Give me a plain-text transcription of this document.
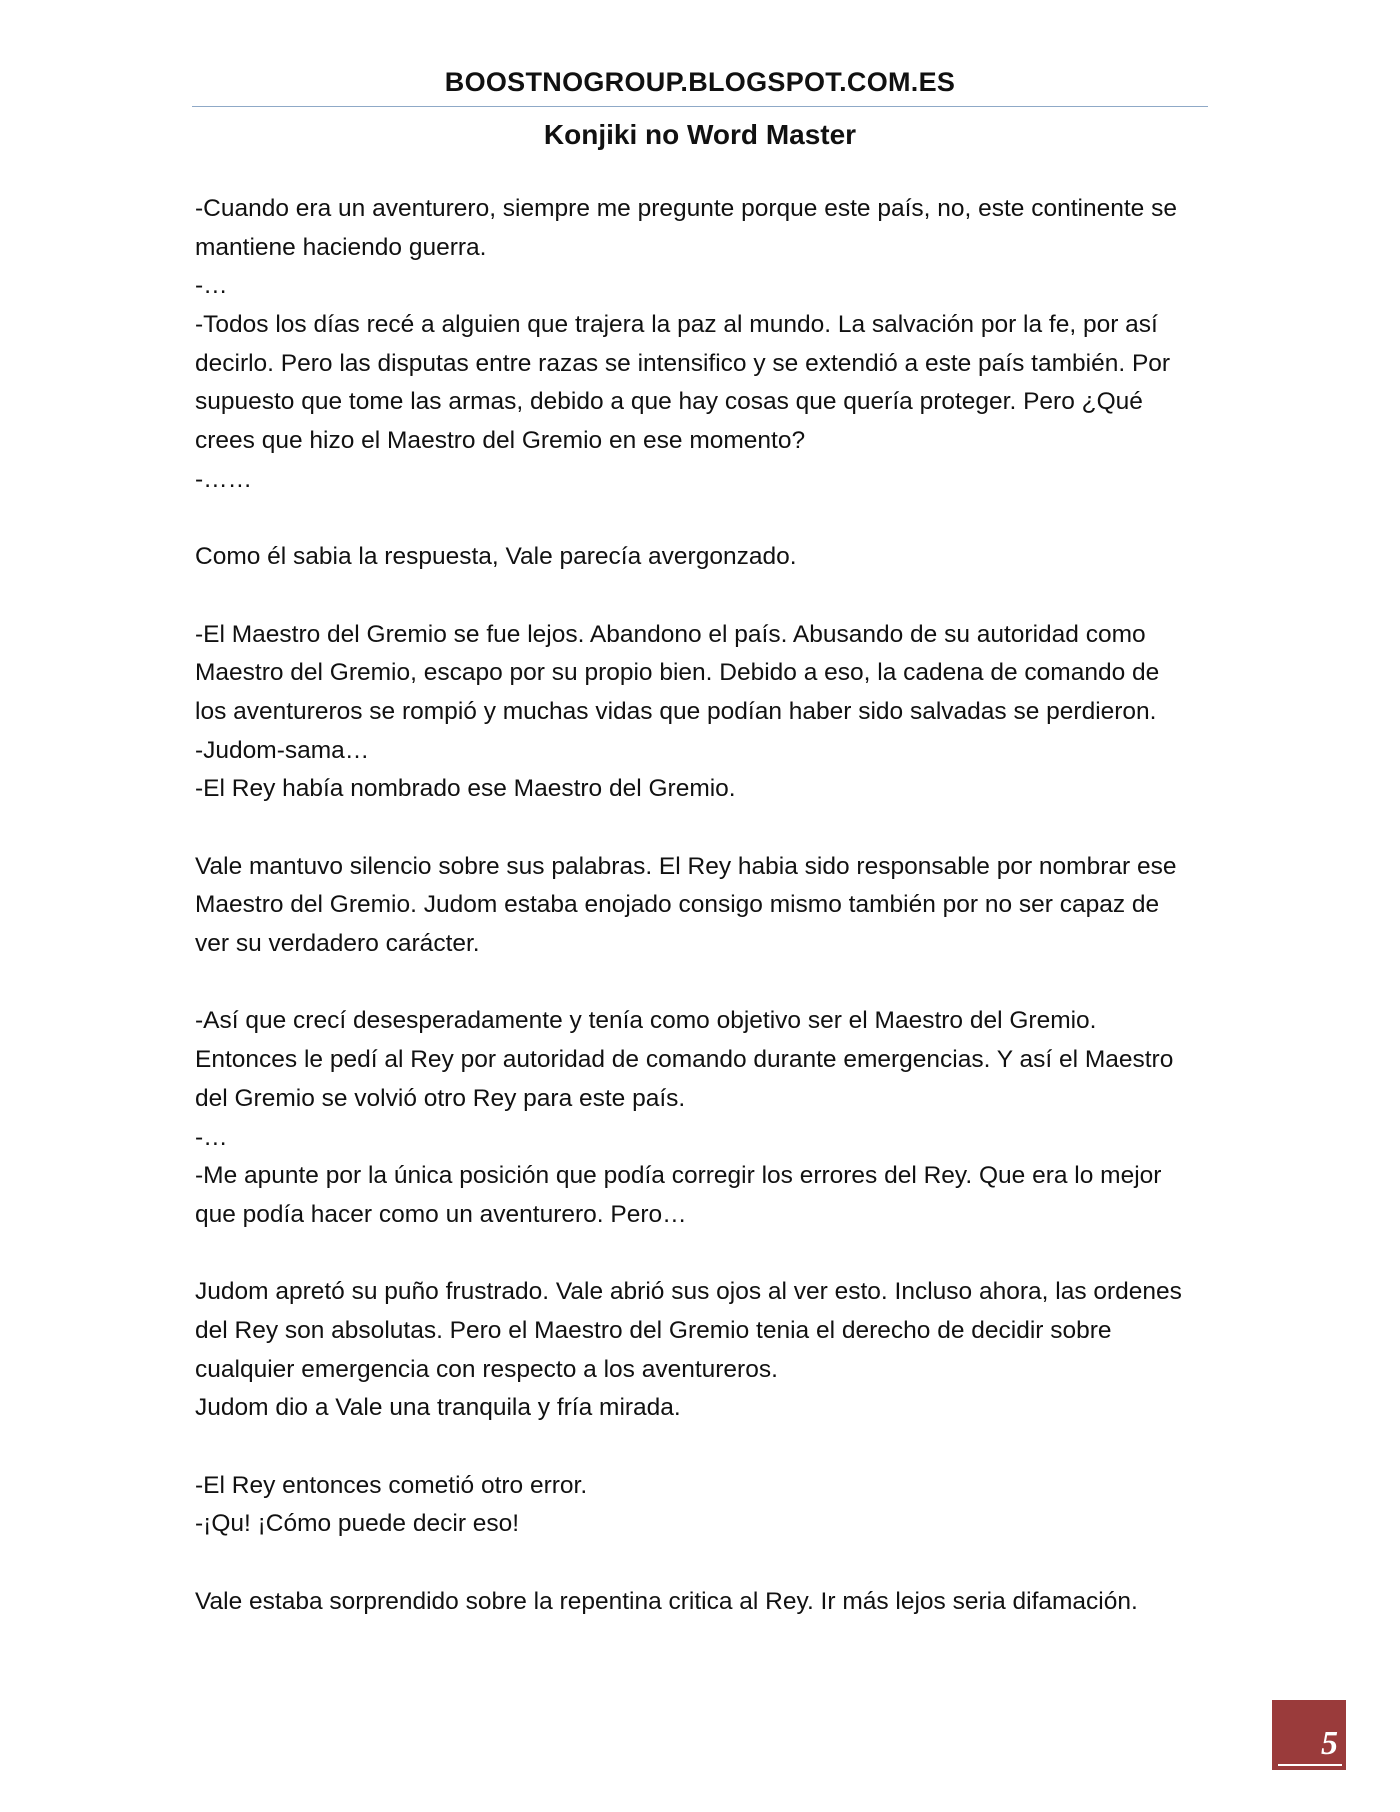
BOOSTNOGROUP.BLOGSPOT.COM.ES
Konjiki no Word Master
-Cuando era un aventurero, siempre me pregunte porque este país, no, este continente se
mantiene haciendo guerra.
-…
-Todos los días recé a alguien que trajera la paz al mundo. La salvación por la fe, por así
decirlo. Pero las disputas entre razas se intensifico y se extendió a este país también. Por
supuesto que tome las armas, debido a que hay cosas que quería proteger. Pero ¿Qué
crees que hizo el Maestro del Gremio en ese momento?
-……
Como él sabia la respuesta, Vale parecía avergonzado.
-El Maestro del Gremio se fue lejos. Abandono el país. Abusando de su autoridad como
Maestro del Gremio, escapo por su propio bien. Debido a eso, la cadena de comando de
los aventureros se rompió y muchas vidas que podían haber sido salvadas se perdieron.
-Judom-sama…
-El Rey había nombrado ese Maestro del Gremio.
Vale mantuvo silencio sobre sus palabras. El Rey habia sido responsable por nombrar ese
Maestro del Gremio. Judom estaba enojado consigo mismo también por no ser capaz de
ver su verdadero carácter.
-Así que crecí desesperadamente y tenía como objetivo ser el Maestro del Gremio.
Entonces le pedí al Rey por autoridad de comando durante emergencias. Y así el Maestro
del Gremio se volvió otro Rey para este país.
-…
-Me apunte por la única posición que podía corregir los errores del Rey. Que era lo mejor
que podía hacer como un aventurero. Pero…
Judom apretó su puño frustrado. Vale abrió sus ojos al ver esto. Incluso ahora, las ordenes
del Rey son absolutas. Pero el Maestro del Gremio tenia el derecho de decidir sobre
cualquier emergencia con respecto a los aventureros.
Judom dio a Vale una tranquila y fría mirada.
-El Rey entonces cometió otro error.
-¡Qu! ¡Cómo puede decir eso!
Vale estaba sorprendido sobre la repentina critica al Rey. Ir más lejos seria difamación.
5
